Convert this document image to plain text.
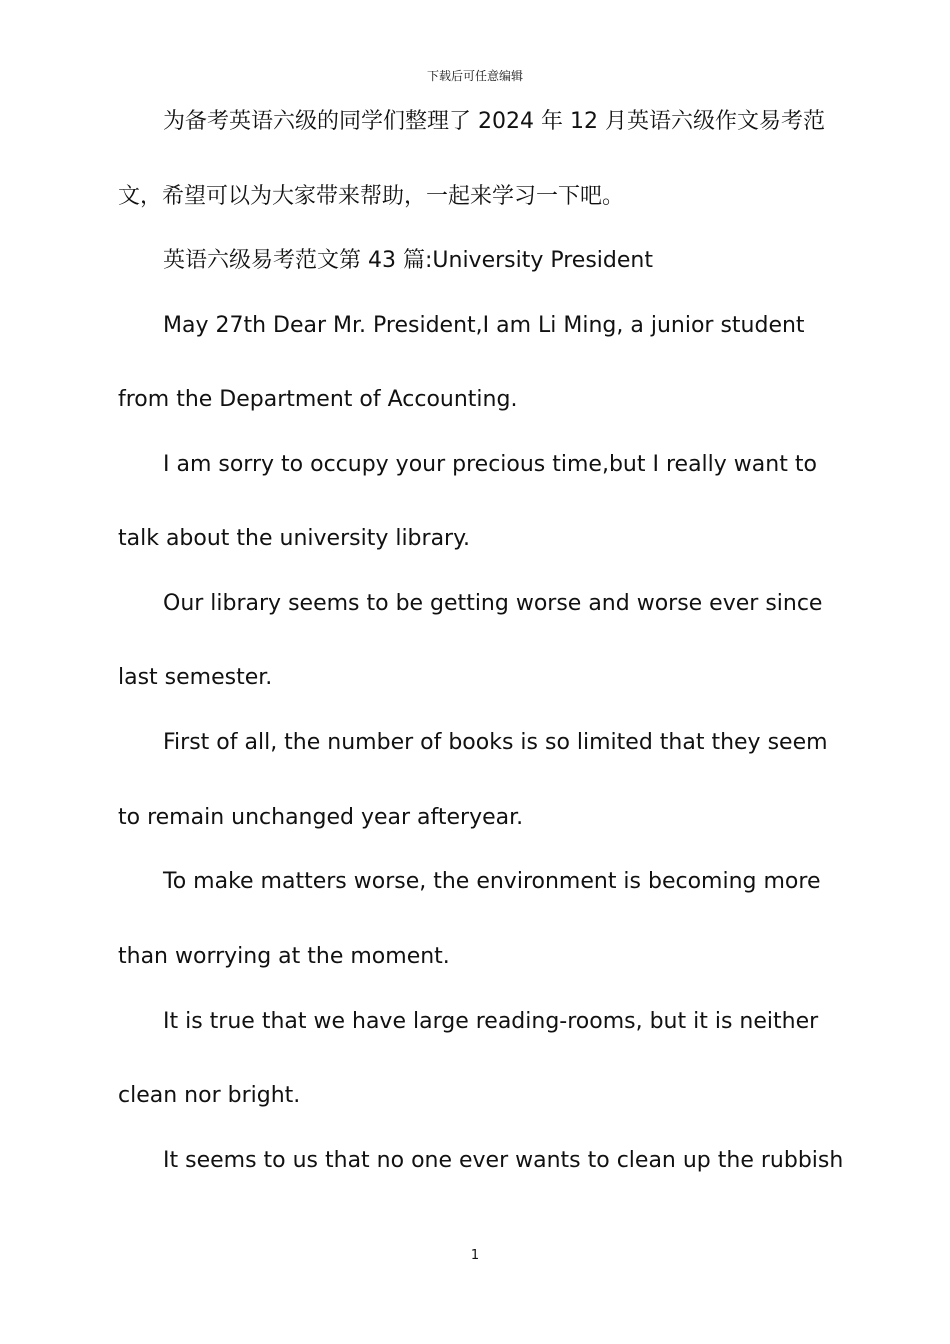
下载后可任意编辑
为备考英语六级的同学们整理了 2024 年 12 月英语六级作文易考范
文，希望可以为大家带来帮助，一起来学习一下吧。
英语六级易考范文第 43 篇:University President
May 27th Dear Mr. President,I am Li Ming, a junior student
from the Department of Accounting.
I am sorry to occupy your precious time,but I really want to
talk about the university library.
Our library seems to be getting worse and worse ever since
last semester.
First of all, the number of books is so limited that they seem
to remain unchanged year afteryear.
To make matters worse, the environment is becoming more
than worrying at the moment.
It is true that we have large reading-rooms, but it is neither
clean nor bright.
It seems to us that no one ever wants to clean up the rubbish
1
